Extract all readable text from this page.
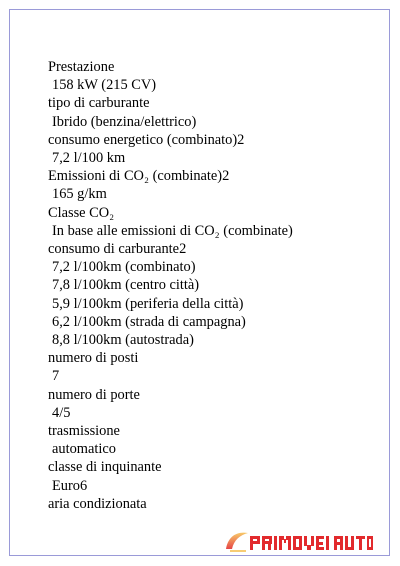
Prestazione
158 kW (215 CV)
tipo di carburante
Ibrido (benzina/elettrico)
consumo energetico (combinato)2
7,2 l/100 km
Emissioni di CO₂ (combinate)2
165 g/km
Classe CO₂
In base alle emissioni di CO₂ (combinate)
consumo di carburante2
7,2 l/100km (combinato)
7,8 l/100km (centro città)
5,9 l/100km (periferia della città)
6,2 l/100km (strada di campagna)
8,8 l/100km (autostrada)
numero di posti
7
numero di porte
4/5
trasmissione
automatico
classe di inquinante
Euro6
aria condizionata
